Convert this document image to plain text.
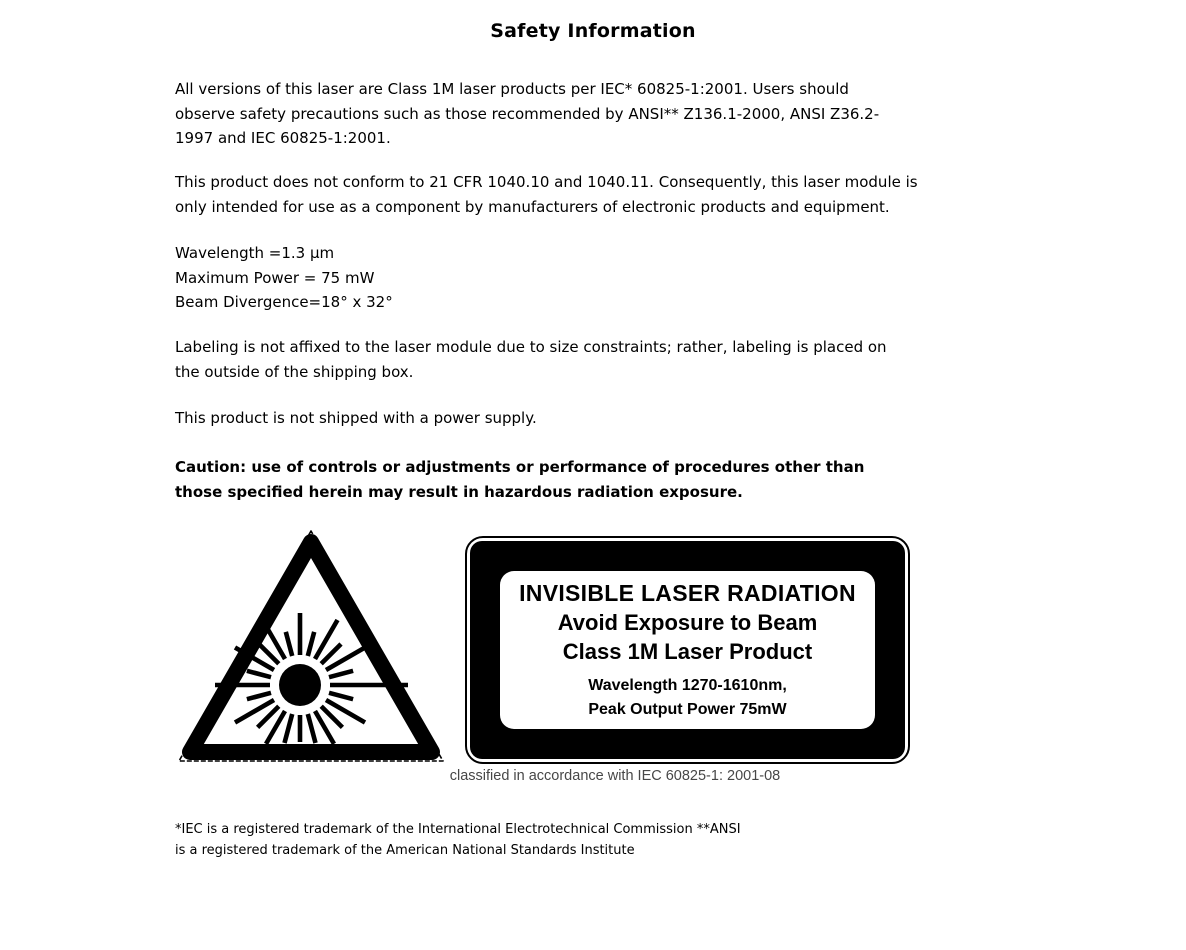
Safety Information
All versions of this laser are Class 1M laser products per IEC* 60825-1:2001. Users should
observe safety precautions such as those recommended by ANSI** Z136.1-2000, ANSI Z36.2-
1997 and IEC 60825-1:2001.
This product does not conform to 21 CFR 1040.10 and 1040.11. Consequently, this laser module is
only intended for use as a component by manufacturers of electronic products and equipment.
Wavelength =1.3 μm
Maximum Power = 75 mW
Beam Divergence=18° x 32°
Labeling is not affixed to the laser module due to size constraints; rather, labeling is placed on
the outside of the shipping box.
This product is not shipped with a power supply.
Caution: use of controls or adjustments or performance of procedures other than
those specified herein may result in hazardous radiation exposure.
INVISIBLE LASER RADIATION
Avoid Exposure to Beam
Class 1M Laser Product
Wavelength 1270-1610nm,
Peak Output Power 75mW
classified in accordance with IEC 60825-1: 2001-08
*IEC is a registered trademark of the International Electrotechnical Commission **ANSI
is a registered trademark of the American National Standards Institute
